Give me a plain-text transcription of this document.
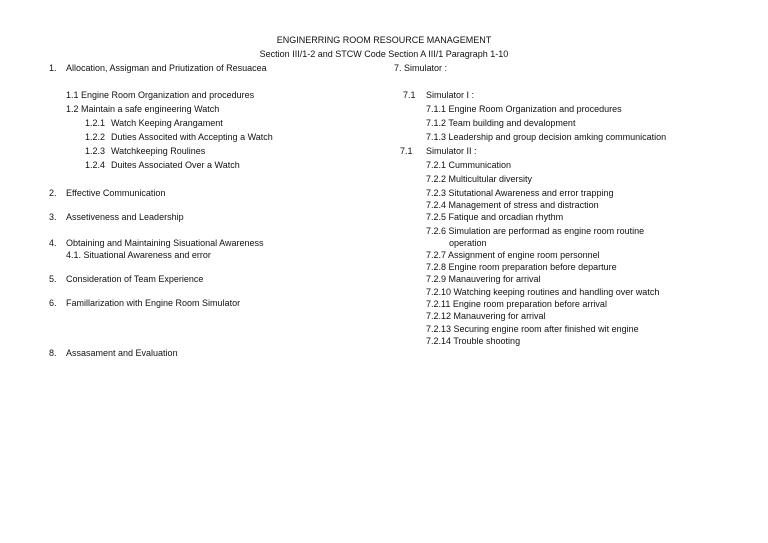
ENGINERRING ROOM RESOURCE MANAGEMENT
Section III/1-2 and STCW Code Section A III/1 Paragraph 1-10
1. Allocation, Assigman and Priutization of Resuacea
1.1 Engine Room Organization and procedures
1.2 Maintain a safe engineering Watch
1.2.1 Watch Keeping Arangament
1.2.2 Duties Associted with Accepting a Watch
1.2.3 Watchkeeping Roulines
1.2.4 Duites Associated Over a Watch
2. Effective Communication
3. Assetiveness and Leadership
4. Obtaining and Maintaining Sisuational Awareness
4.1. Situational Awareness and error
5. Consideration of Team Experience
6. Famillarization with Engine Room Simulator
8. Assasament and Evaluation
7. Simulator :
7.1 Simulator I :
7.1.1 Engine Room Organization and procedures
7.1.2 Team building and devalopment
7.1.3 Leadership and group decision amking communication
7.1 Simulator II :
7.2.1 Cummunication
7.2.2 Multicultular diversity
7.2.3 Situtational Awareness and error trapping
7.2.4 Management of stress and distraction
7.2.5 Fatique and orcadian rhythm
7.2.6 Simulation are performad as engine room routine
operation
7.2.7 Assignment of engine room personnel
7.2.8 Engine room preparation before departure
7.2.9 Manauvering for arrival
7.2.10 Watching keeping routines and handling over watch
7.2.11 Engine room preparation before arrival
7.2.12 Manauvering for arrival
7.2.13 Securing engine room after finished wit engine
7.2.14 Trouble shooting
